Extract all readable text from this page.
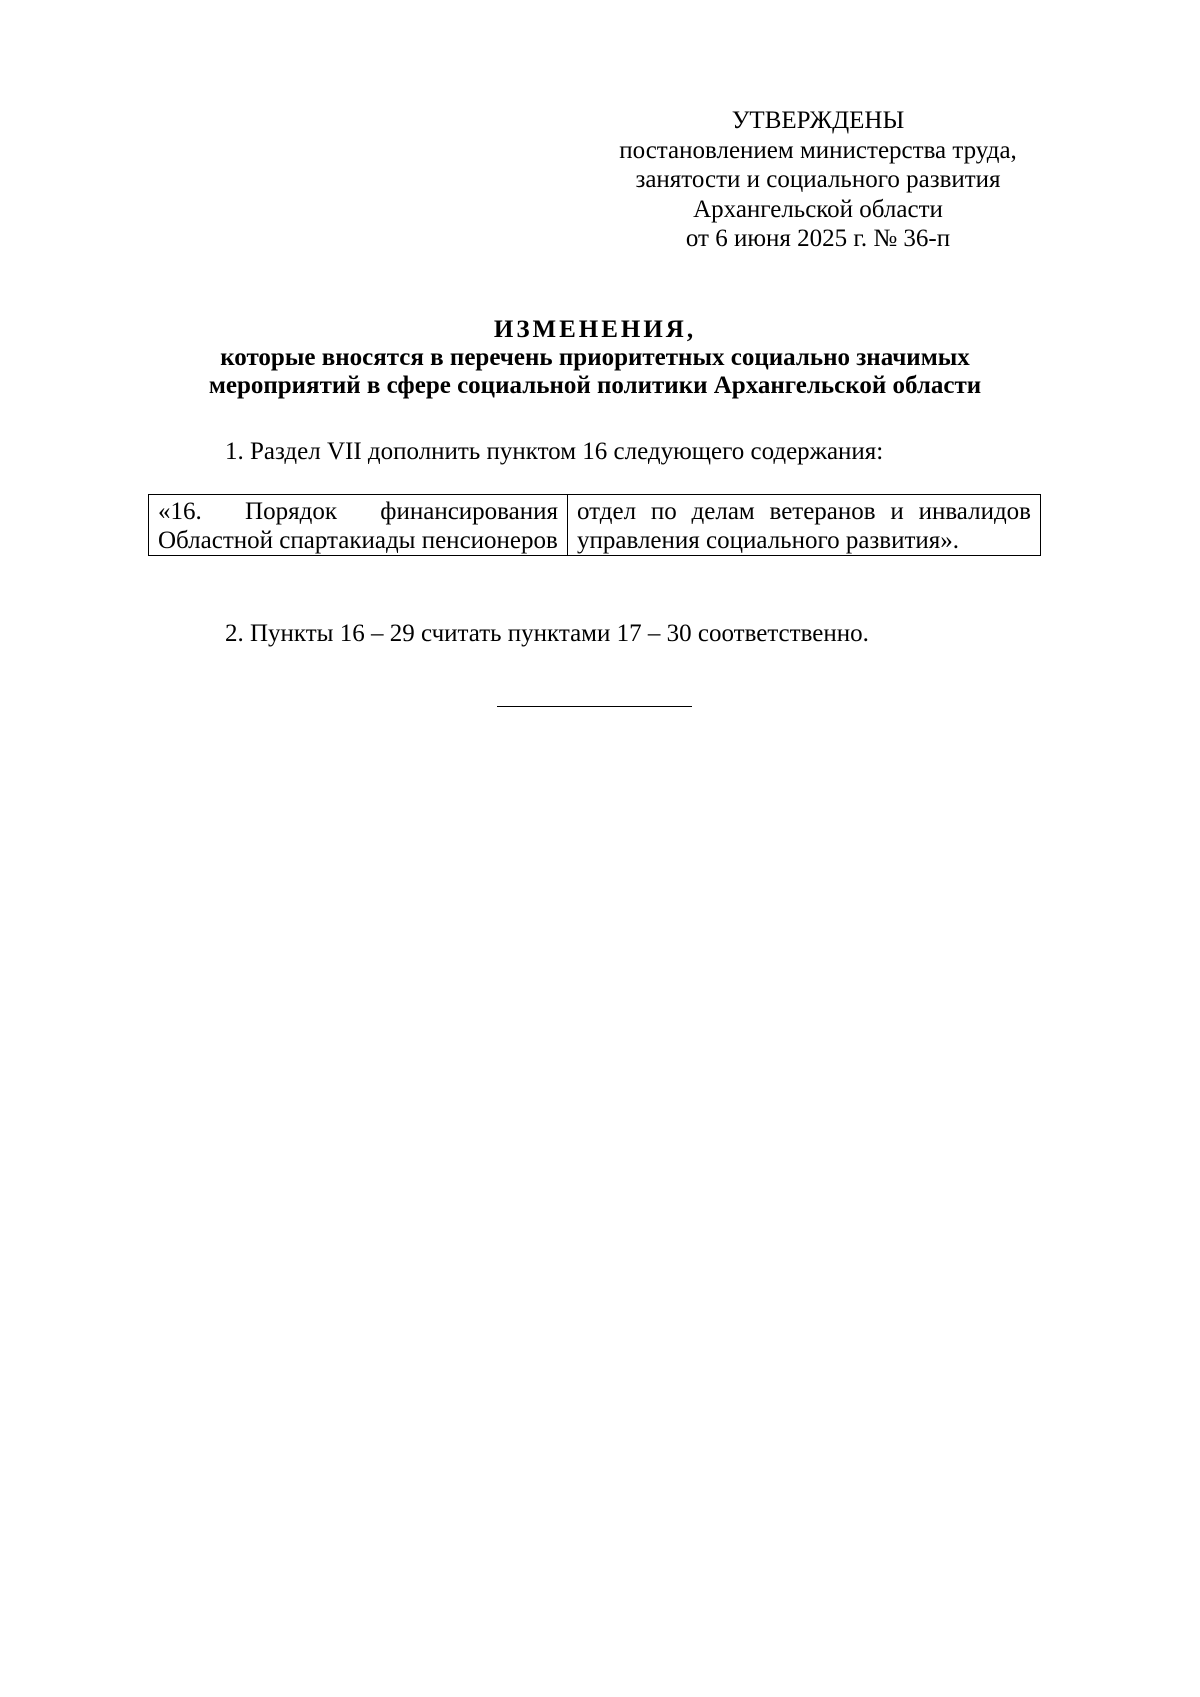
УТВЕРЖДЕНЫ
постановлением министерства труда,
занятости и социального развития
Архангельской области
от 6 июня 2025 г. № 36-п
ИЗМЕНЕНИЯ,
которые вносятся в перечень приоритетных социально значимых
мероприятий в сфере социальной политики Архангельской области
1. Раздел VII дополнить пунктом 16 следующего содержания:
«16. Порядок финансирования Областной спартакиады пенсионеров	отдел по делам ветеранов и инвалидов управления социального развития».
2. Пункты 16 – 29 считать пунктами 17 – 30 соответственно.
